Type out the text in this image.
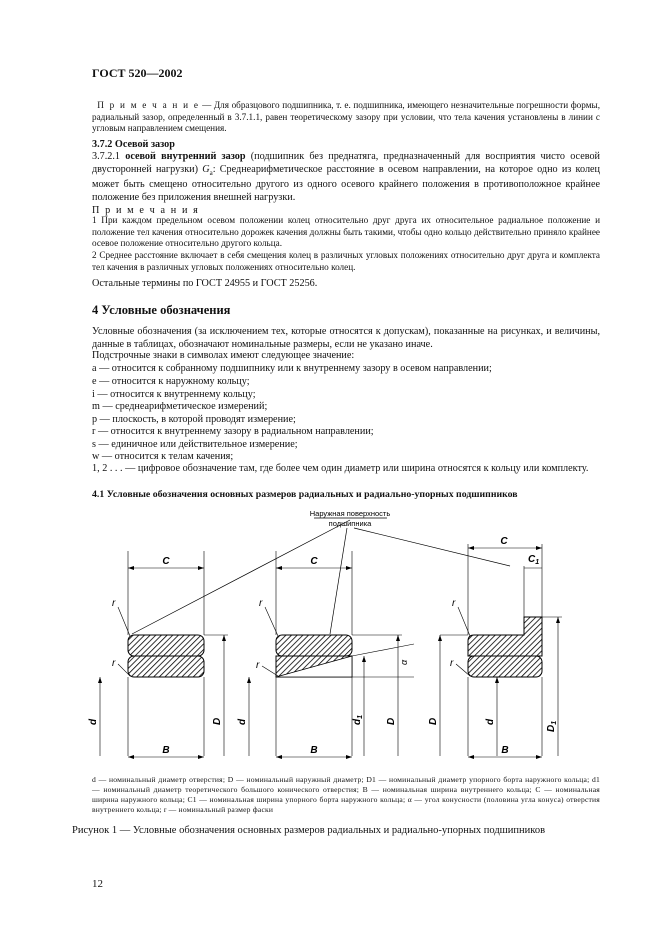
ГОСТ 520—2002
П р и м е ч а н и е — Для образцового подшипника, т. е. подшипника, имеющего незначительные погрешности формы, радиальный зазор, определенный в 3.7.1.1, равен теоретическому зазору при условии, что тела качения установлены в линии с угловым направлением смещения.
3.7.2 Осевой зазор
3.7.2.1 осевой внутренний зазор (подшипник без преднатяга, предназначенный для восприятия чисто осевой двусторонней нагрузки) $G_a$: Среднеарифметическое расстояние в осевом направлении, на которое одно из колец может быть смещено относительно другого из одного осевого крайнего положения в противоположное крайнее положение без приложения внешней нагрузки.
П р и м е ч а н и я
1 При каждом предельном осевом положении колец относительно друг друга их относительное радиальное положение и положение тел качения относительно дорожек качения должны быть такими, чтобы одно кольцо действительно приняло крайнее осевое положение относительно другого кольца.
2 Среднее расстояние включает в себя смещения колец в различных угловых положениях относительно друг друга и комплекта тел качения в различных угловых положениях относительно колец.
Остальные термины по ГОСТ 24955 и ГОСТ 25256.
4 Условные обозначения
Условные обозначения (за исключением тех, которые относятся к допускам), показанные на рисунках, и величины, данные в таблицах, обозначают номинальные размеры, если не указано иначе.
Подстрочные знаки в символах имеют следующее значение:
a — относится к собранному подшипнику или к внутреннему зазору в осевом направлении;
e — относится к наружному кольцу;
i — относится к внутреннему кольцу;
m — среднеарифметическое измерений;
p — плоскость, в которой проводят измерение;
r — относится к внутреннему зазору в радиальном направлении;
s — единичное или действительное измерение;
w — относится к телам качения;
1, 2 . . . — цифровое обозначение там, где более чем один диаметр или ширина относятся к кольцу или комплекту.
4.1 Условные обозначения основных размеров радиальных и радиально-упорных подшипников
Наружная поверхность
подшипника
C
B
d	D
r
r	α
C
B
d	$d_1$
D
r
r
C
$C_1$
B
D	d
$D_1$
r
r
d — номинальный диаметр отверстия; D — номинальный наружный диаметр; D1 — номинальный диаметр упорного борта наружного кольца; d1 — номинальный диаметр теоретического большого конического отверстия; B — номинальная ширина внутреннего кольца; C — номинальная ширина наружного кольца; C1 — номинальная ширина упорного борта наружного кольца; α — угол конусности (половина угла конуса) отверстия внутреннего кольца; r — номинальный размер фаски
Рисунок 1 — Условные обозначения основных размеров радиальных и радиально-упорных подшипников
12
